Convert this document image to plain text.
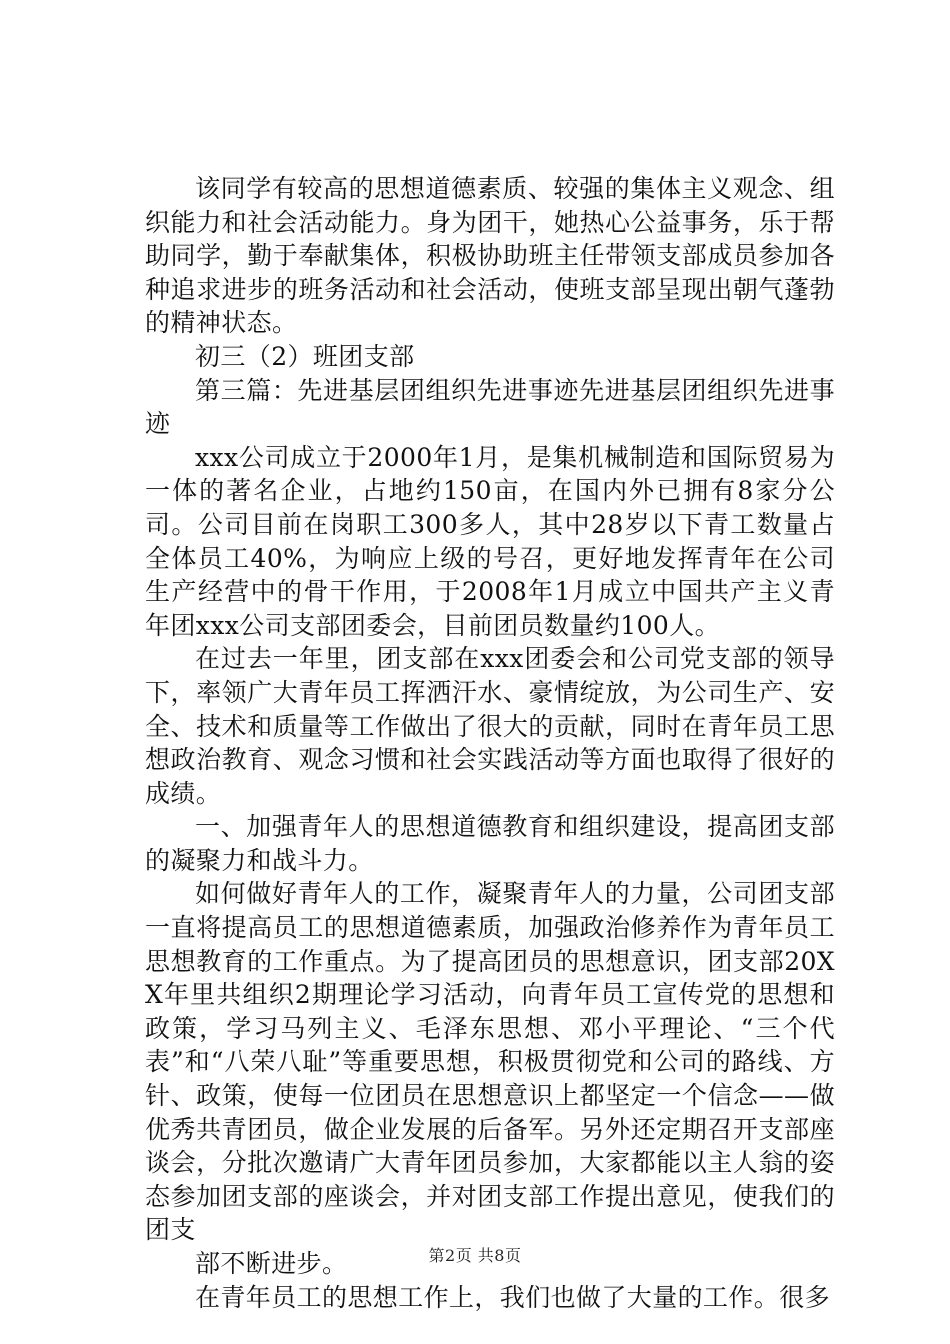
该同学有较高的思想道德素质、较强的集体主义观念、组织能力和社会活动能力。身为团干，她热心公益事务，乐于帮助同学，勤于奉献集体，积极协助班主任带领支部成员参加各种追求进步的班务活动和社会活动，使班支部呈现出朝气蓬勃的精神状态。

初三（2）班团支部

第三篇：先进基层团组织先进事迹先进基层团组织先进事迹

xxx公司成立于2000年1月，是集机械制造和国际贸易为一体的著名企业，占地约150亩，在国内外已拥有8家分公司。公司目前在岗职工300多人，其中28岁以下青工数量占全体员工40%，为响应上级的号召，更好地发挥青年在公司生产经营中的骨干作用，于2008年1月成立中国共产主义青年团xxx公司支部团委会，目前团员数量约100人。

在过去一年里，团支部在xxx团委会和公司党支部的领导下，率领广大青年员工挥洒汗水、豪情绽放，为公司生产、安全、技术和质量等工作做出了很大的贡献，同时在青年员工思想政治教育、观念习惯和社会实践活动等方面也取得了很好的成绩。

一、加强青年人的思想道德教育和组织建设，提高团支部的凝聚力和战斗力。

如何做好青年人的工作，凝聚青年人的力量，公司团支部一直将提高员工的思想道德素质，加强政治修养作为青年员工思想教育的工作重点。为了提高团员的思想意识，团支部20XX年里共组织2期理论学习活动，向青年员工宣传党的思想和政策，学习马列主义、毛泽东思想、邓小平理论、“三个代表”和“八荣八耻”等重要思想，积极贯彻党和公司的路线、方针、政策，使每一位团员在思想意识上都坚定一个信念——做优秀共青团员，做企业发展的后备军。另外还定期召开支部座谈会，分批次邀请广大青年团员参加，大家都能以主人翁的姿态参加团支部的座谈会，并对团支部工作提出意见，使我们的团支

部不断进步。

在青年员工的思想工作上，我们也做了大量的工作。很多

第2页 共8页
